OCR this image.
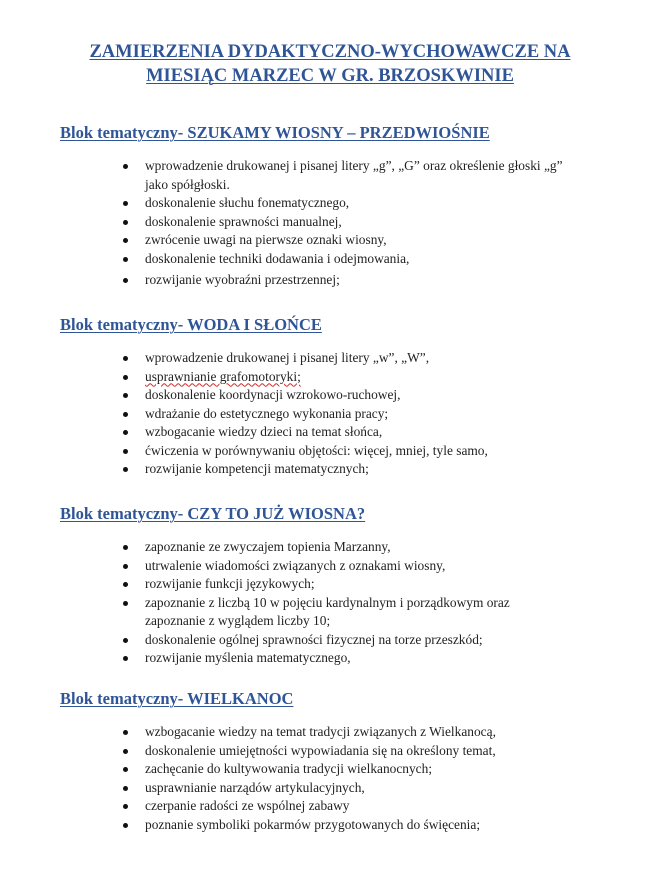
ZAMIERZENIA DYDAKTYCZNO-WYCHOWAWCZE NA
MIESIĄC MARZEC W GR. BRZOSKWINIE
Blok tematyczny- SZUKAMY WIOSNY – PRZEDWIOŚNIE
wprowadzenie drukowanej i pisanej litery „g”, „G” oraz określenie głoski „g” jako spółgłoski.
doskonalenie słuchu fonematycznego,
doskonalenie sprawności manualnej,
zwrócenie uwagi na pierwsze oznaki wiosny,
doskonalenie techniki dodawania i odejmowania,
rozwijanie wyobraźni przestrzennej;
Blok tematyczny- WODA I SŁOŃCE
wprowadzenie drukowanej i pisanej litery „w”, „W”,
usprawnianie grafomotoryki;
doskonalenie koordynacji wzrokowo-ruchowej,
wdrażanie do estetycznego wykonania pracy;
wzbogacanie wiedzy dzieci na temat słońca,
ćwiczenia w porównywaniu objętości: więcej, mniej, tyle samo,
rozwijanie kompetencji matematycznych;
Blok tematyczny- CZY TO JUŻ WIOSNA?
zapoznanie ze zwyczajem topienia Marzanny,
utrwalenie wiadomości związanych z oznakami wiosny,
rozwijanie funkcji językowych;
zapoznanie z liczbą 10 w pojęciu kardynalnym i porządkowym oraz zapoznanie z wyglądem liczby 10;
doskonalenie ogólnej sprawności fizycznej na torze przeszkód;
rozwijanie myślenia matematycznego,
Blok tematyczny- WIELKANOC
wzbogacanie wiedzy na temat tradycji związanych z Wielkanocą,
doskonalenie umiejętności wypowiadania się na określony temat,
zachęcanie do kultywowania tradycji wielkanocnych;
usprawnianie narządów artykulacyjnych,
czerpanie radości ze wspólnej zabawy
poznanie symboliki pokarmów przygotowanych do święcenia;
